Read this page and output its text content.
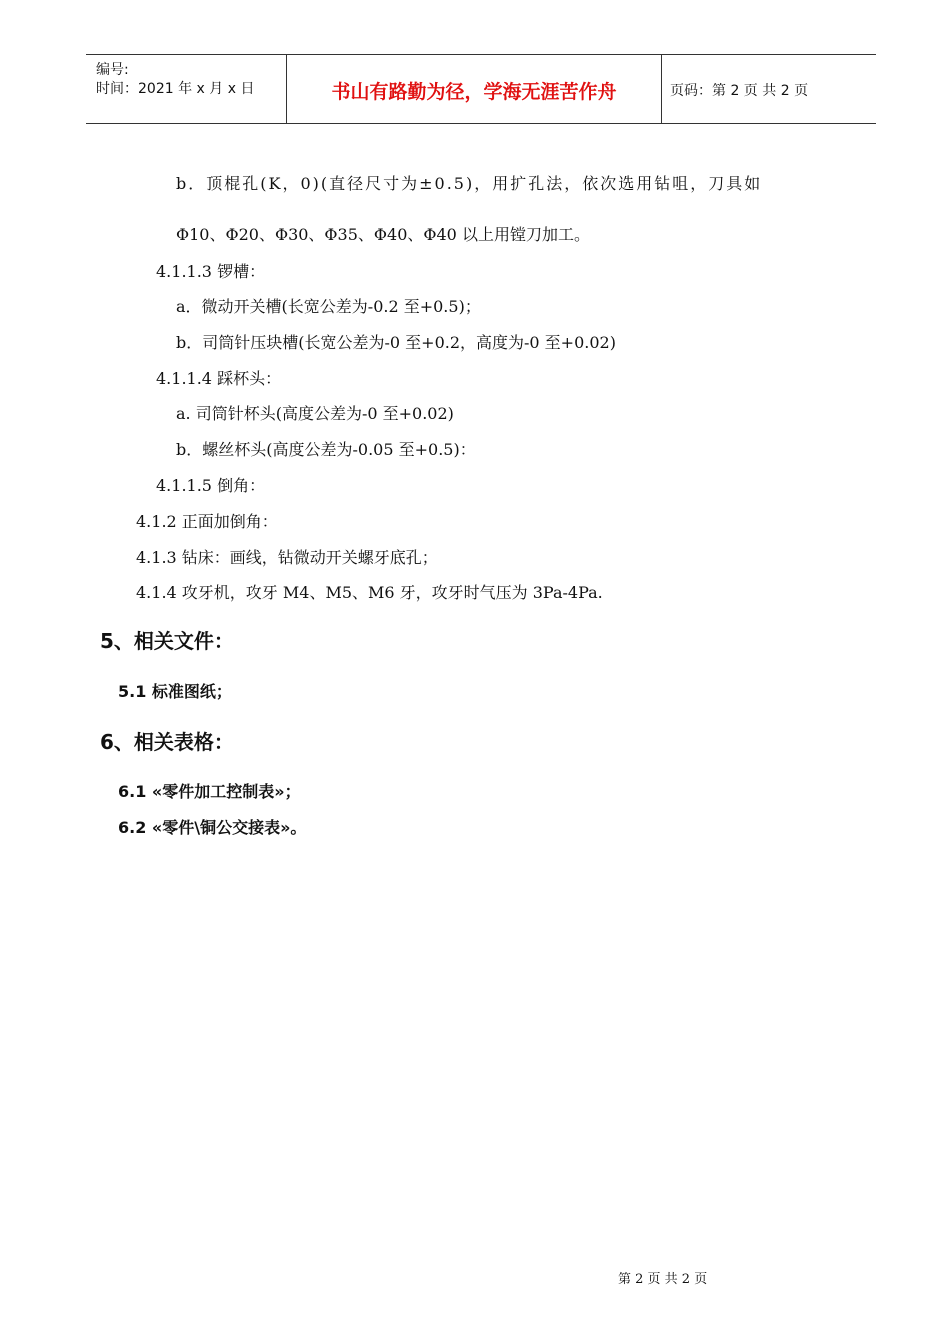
编号:
时间：2021 年 x 月 x 日	书山有路勤为径，学海无涯苦作舟	页码：第 2 页 共 2 页
b．顶棍孔(K，0)(直径尺寸为±0.5)，用扩孔法，依次选用钻咀，刀具如
Φ10、Φ20、Φ30、Φ35、Φ40、Φ40 以上用镗刀加工。
4.1.1.3 锣槽：
a．微动开关槽(长宽公差为-0.2 至+0.5)；
b．司筒针压块槽(长宽公差为-0 至+0.2，高度为-0 至+0.02)
4.1.1.4 踩杯头：
a. 司筒针杯头(高度公差为-0 至+0.02)
b．螺丝杯头(高度公差为-0.05 至+0.5)：
4.1.1.5 倒角：
4.1.2 正面加倒角：
4.1.3 钻床：画线，钻微动开关螺牙底孔；
4.1.4 攻牙机，攻牙 M4、M5、M6 牙，攻牙时气压为 3Pa-4Pa.
5、相关文件：
5.1 标准图纸；
6、相关表格：
6.1 «零件加工控制表»；
6.2 «零件\铜公交接表»。
第 2 页 共 2 页
